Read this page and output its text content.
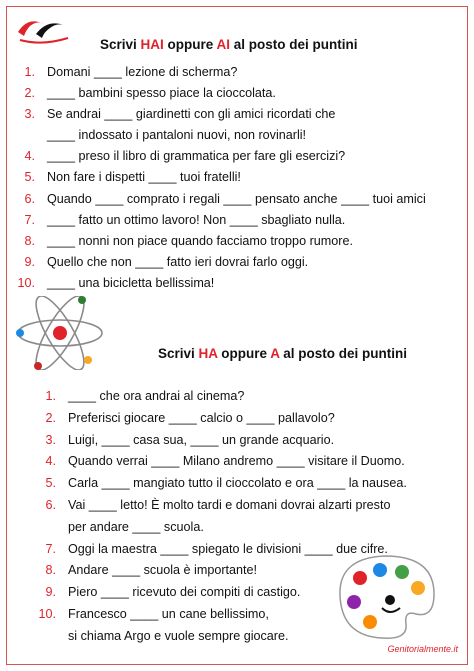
Scrivi HAI oppure AI al posto dei puntini
1. Domani ____ lezione di scherma?
2. ____ bambini spesso piace la cioccolata.
3. Se andrai ____ giardinetti con gli amici ricordati che
____ indossato i pantaloni nuovi, non rovinarli!
4. ____ preso il libro di grammatica per fare gli esercizi?
5. Non fare i dispetti ____ tuoi fratelli!
6. Quando ____ comprato i regali ____ pensato anche ____ tuoi amici
7. ____ fatto un ottimo lavoro! Non ____ sbagliato nulla.
8. ____ nonni non piace quando facciamo troppo rumore.
9. Quello che non ____ fatto ieri dovrai farlo oggi.
10. ____ una bicicletta bellissima!
Scrivi HA oppure A al posto dei puntini
1. ____ che ora andrai al cinema?
2. Preferisci giocare ____ calcio o ____ pallavolo?
3. Luigi, ____ casa sua, ____ un grande acquario.
4. Quando verrai ____ Milano andremo ____ visitare il Duomo.
5. Carla ____ mangiato tutto il cioccolato e ora ____ la nausea.
6. Vai ____ letto! È molto tardi e domani dovrai alzarti presto
per andare ____ scuola.
7. Oggi la maestra ____ spiegato le divisioni ____ due cifre.
8. Andare ____ scuola è importante!
9. Piero ____ ricevuto dei compiti di castigo.
10. Francesco ____ un cane bellissimo,
si chiama Argo e vuole sempre giocare.
Genitorialmente.it
